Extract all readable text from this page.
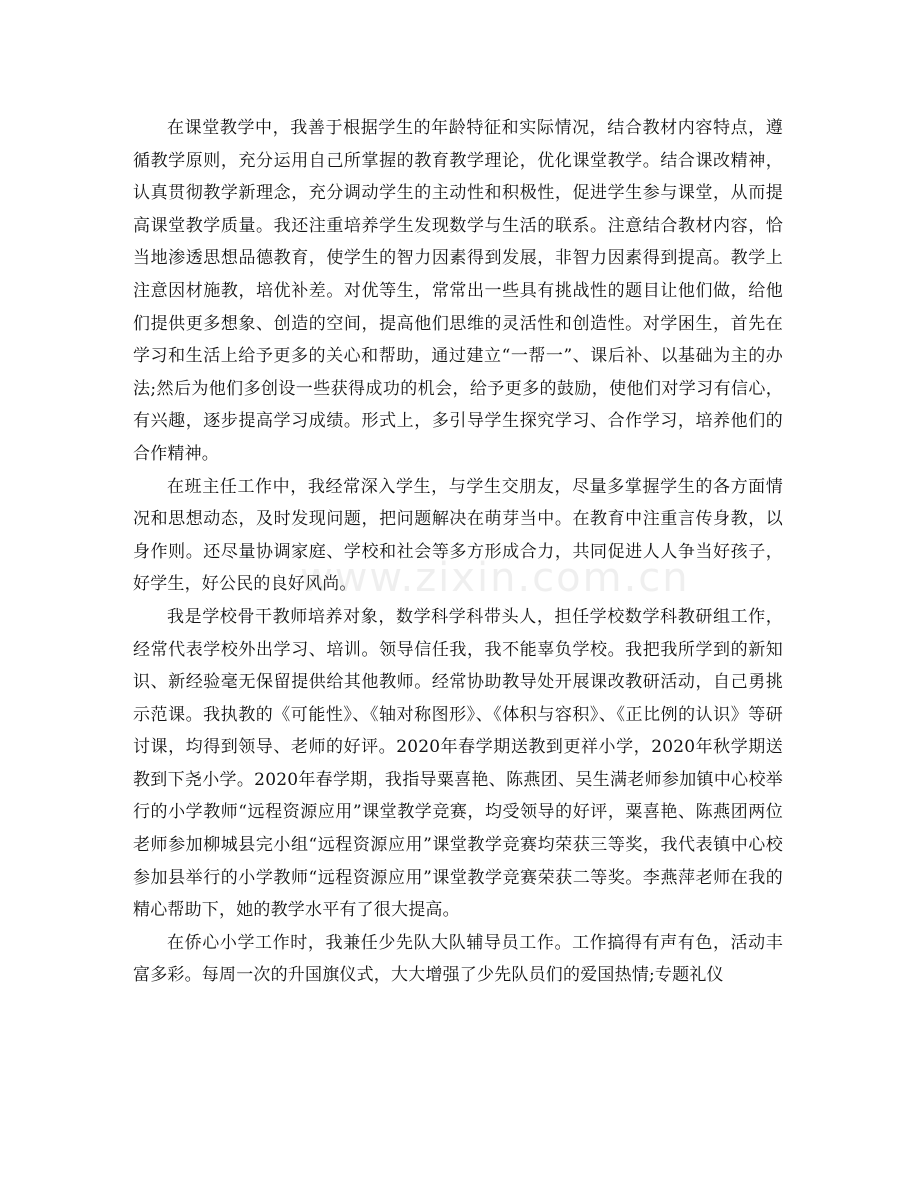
在课堂教学中，我善于根据学生的年龄特征和实际情况，结合教材内容特点，遵循教学原则，充分运用自己所掌握的教育教学理论，优化课堂教学。结合课改精神，认真贯彻教学新理念，充分调动学生的主动性和积极性，促进学生参与课堂，从而提高课堂教学质量。我还注重培养学生发现数学与生活的联系。注意结合教材内容，恰当地渗透思想品德教育，使学生的智力因素得到发展，非智力因素得到提高。教学上注意因材施教，培优补差。对优等生，常常出一些具有挑战性的题目让他们做，给他们提供更多想象、创造的空间，提高他们思维的灵活性和创造性。对学困生，首先在学习和生活上给予更多的关心和帮助，通过建立“一帮一”、课后补、以基础为主的办法;然后为他们多创设一些获得成功的机会，给予更多的鼓励，使他们对学习有信心，有兴趣，逐步提高学习成绩。形式上，多引导学生探究学习、合作学习，培养他们的合作精神。

在班主任工作中，我经常深入学生，与学生交朋友，尽量多掌握学生的各方面情况和思想动态，及时发现问题，把问题解决在萌芽当中。在教育中注重言传身教，以身作则。还尽量协调家庭、学校和社会等多方形成合力，共同促进人人争当好孩子，好学生，好公民的良好风尚。

我是学校骨干教师培养对象，数学科学科带头人，担任学校数学科教研组工作，经常代表学校外出学习、培训。领导信任我，我不能辜负学校。我把我所学到的新知识、新经验毫无保留提供给其他教师。经常协助教导处开展课改教研活动，自己勇挑示范课。我执教的《可能性》、《轴对称图形》、《体积与容积》、《正比例的认识》等研讨课，均得到领导、老师的好评。2020年春学期送教到更祥小学，2020年秋学期送教到下尧小学。2020年春学期，我指导粟喜艳、陈燕团、吴生满老师参加镇中心校举行的小学教师“远程资源应用”课堂教学竞赛，均受领导的好评，粟喜艳、陈燕团两位老师参加柳城县完小组“远程资源应用”课堂教学竞赛均荣获三等奖，我代表镇中心校参加县举行的小学教师“远程资源应用”课堂教学竞赛荣获二等奖。李燕萍老师在我的精心帮助下，她的教学水平有了很大提高。

在侨心小学工作时，我兼任少先队大队辅导员工作。工作搞得有声有色，活动丰富多彩。每周一次的升国旗仪式，大大增强了少先队员们的爱国热情;专题礼仪

www.zixin.com.cn
